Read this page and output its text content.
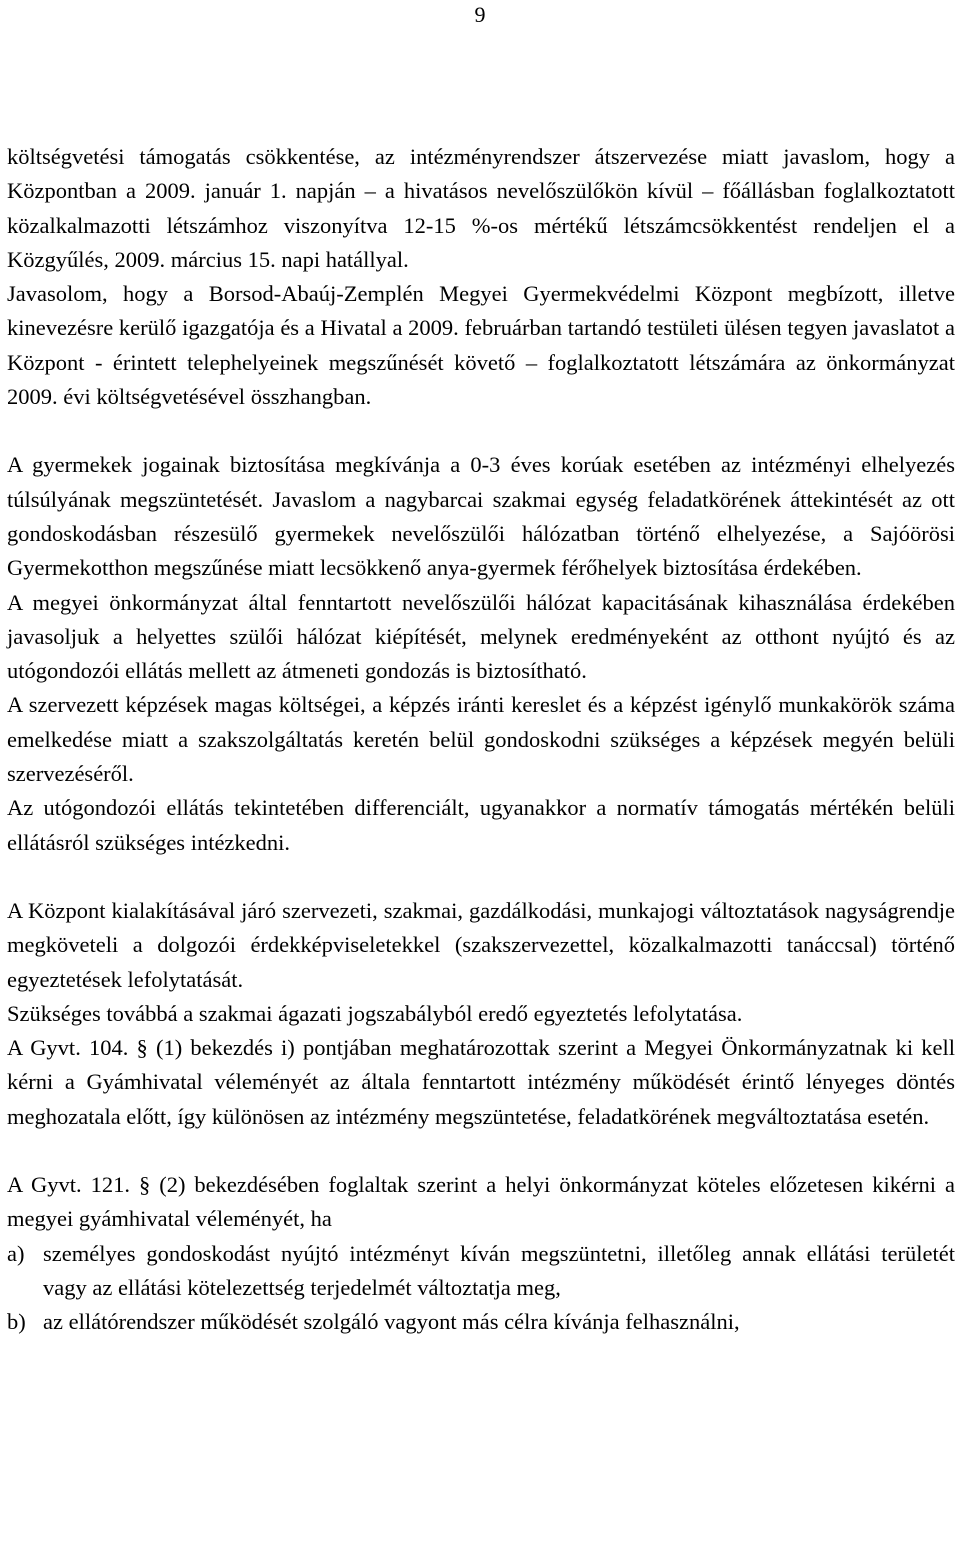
9

költségvetési támogatás csökkentése, az intézményrendszer átszervezése miatt javaslom, hogy a Központban a 2009. január 1. napján – a hivatásos nevelőszülőkön kívül – főállásban foglalkoztatott közalkalmazotti létszámhoz viszonyítva 12-15 %-os mértékű létszámcsökkentést rendeljen el a Közgyűlés, 2009. március 15. napi hatállyal.

Javasolom, hogy a Borsod-Abaúj-Zemplén Megyei Gyermekvédelmi Központ megbízott, illetve kinevezésre kerülő igazgatója és a Hivatal a 2009. februárban tartandó testületi ülésen tegyen javaslatot a Központ - érintett telephelyeinek megszűnését követő – foglalkoztatott létszámára az önkormányzat 2009. évi költségvetésével összhangban.

A gyermekek jogainak biztosítása megkívánja a 0-3 éves korúak esetében az intézményi elhelyezés túlsúlyának megszüntetését. Javaslom a nagybarcai szakmai egység feladatkörének áttekintését az ott gondoskodásban részesülő gyermekek nevelőszülői hálózatban történő elhelyezése, a Sajóörösi Gyermekotthon megszűnése miatt lecsökkenő anya-gyermek férőhelyek biztosítása érdekében.

A megyei önkormányzat által fenntartott nevelőszülői hálózat kapacitásának kihasználása érdekében javasoljuk a helyettes szülői hálózat kiépítését, melynek eredményeként az otthont nyújtó és az utógondozói ellátás mellett az átmeneti gondozás is biztosítható.

A szervezett képzések magas költségei, a képzés iránti kereslet és a képzést igénylő munkakörök száma emelkedése miatt a szakszolgáltatás keretén belül gondoskodni szükséges a képzések megyén belüli szervezéséről.

Az utógondozói ellátás tekintetében differenciált, ugyanakkor a normatív támogatás mértékén belüli ellátásról szükséges intézkedni.

A Központ kialakításával járó szervezeti, szakmai, gazdálkodási, munkajogi változtatások nagyságrendje megköveteli a dolgozói érdekképviseletekkel (szakszervezettel, közalkalmazotti tanáccsal) történő egyeztetések lefolytatását.

Szükséges továbbá a szakmai ágazati jogszabályból eredő egyeztetés lefolytatása.

A Gyvt. 104. § (1) bekezdés i) pontjában meghatározottak szerint a Megyei Önkormányzatnak ki kell kérni a Gyámhivatal véleményét az általa fenntartott intézmény működését érintő lényeges döntés meghozatala előtt, így különösen az intézmény megszüntetése, feladatkörének megváltoztatása esetén.

A Gyvt. 121. § (2) bekezdésében foglaltak szerint a helyi önkormányzat köteles előzetesen kikérni a megyei gyámhivatal véleményét, ha

a) személyes gondoskodást nyújtó intézményt kíván megszüntetni, illetőleg annak ellátási területét vagy az ellátási kötelezettség terjedelmét változtatja meg,
b) az ellátórendszer működését szolgáló vagyont más célra kívánja felhasználni,
